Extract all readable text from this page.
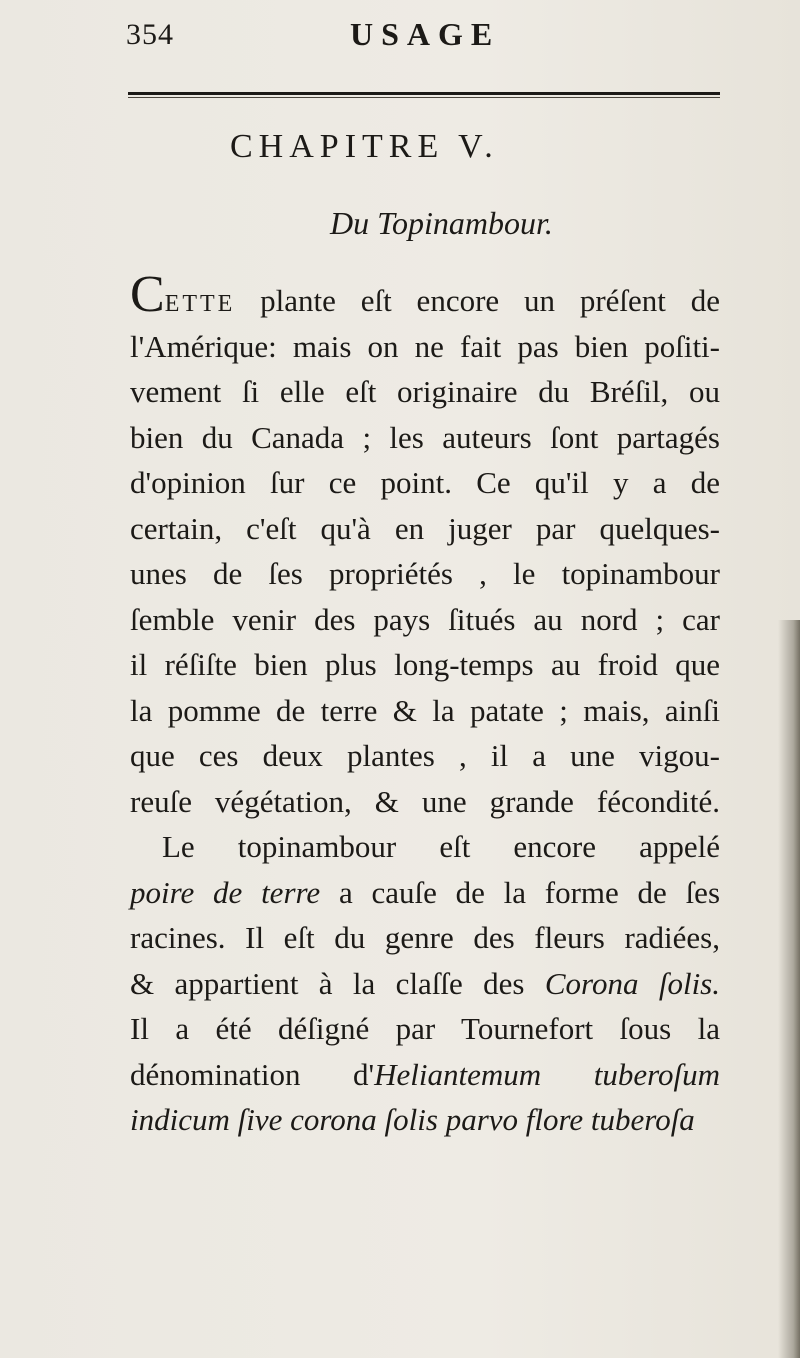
354	USAGE
CHAPITRE V.
Du Topinambour.
CETTE plante eſt encore un préſent de
l'Amérique: mais on ne fait pas bien poſiti-
vement ſi elle eſt originaire du Bréſil, ou
bien du Canada ; les auteurs ſont partagés
d'opinion ſur ce point. Ce qu'il y a de
certain, c'eſt qu'à en juger par quelques-
unes de ſes propriétés , le topinambour
ſemble venir des pays ſitués au nord ; car
il réſiſte bien plus long-temps au froid que
la pomme de terre & la patate ; mais, ainſi
que ces deux plantes , il a une vigou-
reuſe végétation, & une grande fécondité.
Le topinambour eſt encore appelé
poire de terre a cauſe de la forme de ſes
racines. Il eſt du genre des fleurs radiées,
& appartient à la claſſe des Corona ſolis.
Il a été déſigné par Tournefort ſous la
dénomination d'Heliantemum tuberoſum
indicum ſive corona ſolis parvo flore tuberoſa
